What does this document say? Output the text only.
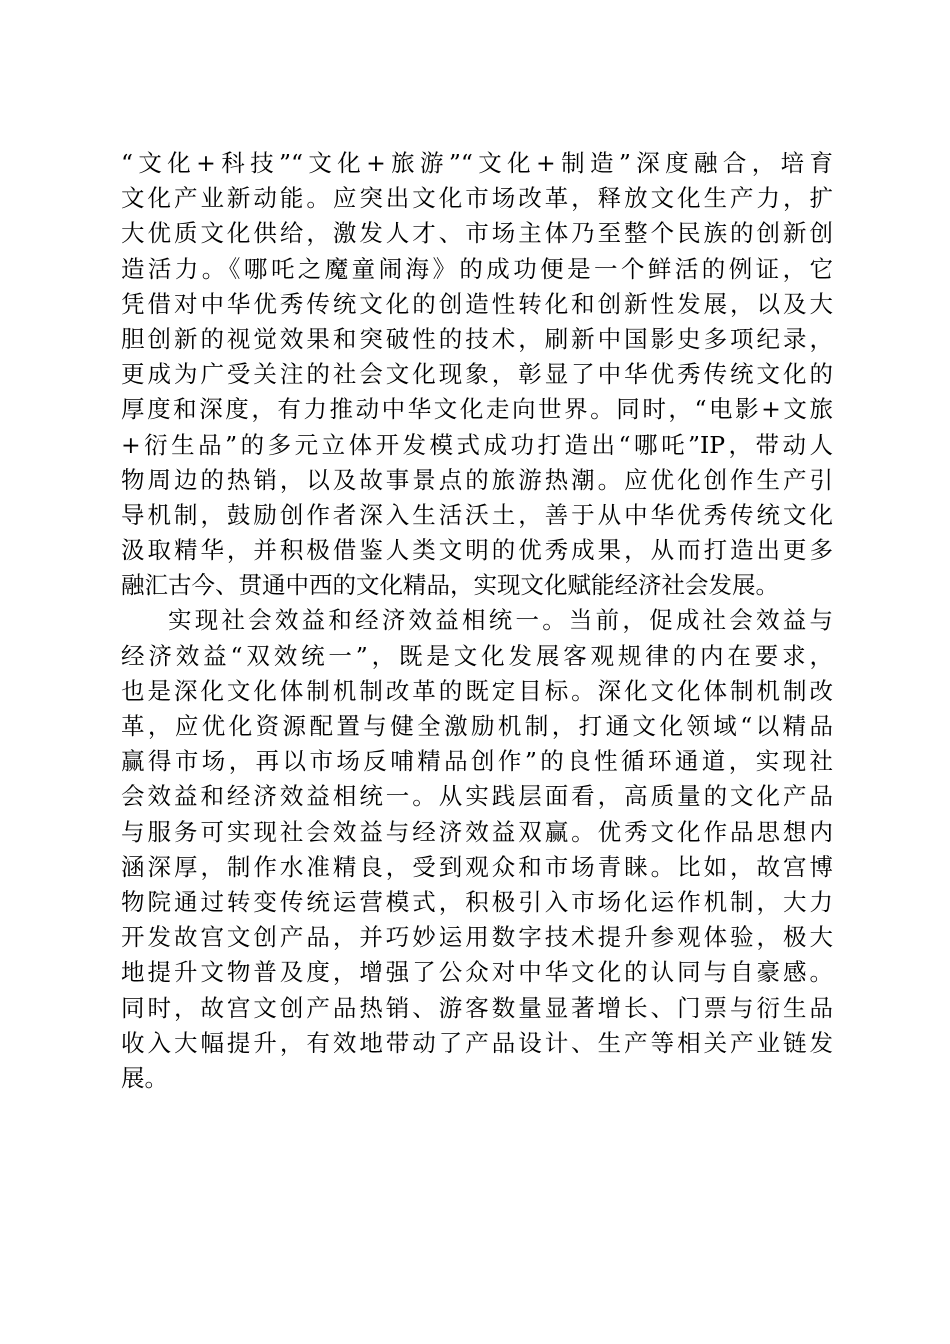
“文化+科技”“文化+旅游”“文化+制造”深度融合，培育
文化产业新动能。应突出文化市场改革，释放文化生产力，扩
大优质文化供给，激发人才、市场主体乃至整个民族的创新创
造活力。《哪吒之魔童闹海》的成功便是一个鲜活的例证，它
凭借对中华优秀传统文化的创造性转化和创新性发展，以及大
胆创新的视觉效果和突破性的技术，刷新中国影史多项纪录，
更成为广受关注的社会文化现象，彰显了中华优秀传统文化的
厚度和深度，有力推动中华文化走向世界。同时，“电影+文旅
+衍生品”的多元立体开发模式成功打造出“哪吒”IP，带动人
物周边的热销，以及故事景点的旅游热潮。应优化创作生产引
导机制，鼓励创作者深入生活沃土，善于从中华优秀传统文化
汲取精华，并积极借鉴人类文明的优秀成果，从而打造出更多
融汇古今、贯通中西的文化精品，实现文化赋能经济社会发展。
实现社会效益和经济效益相统一。当前，促成社会效益与
经济效益“双效统一”，既是文化发展客观规律的内在要求，
也是深化文化体制机制改革的既定目标。深化文化体制机制改
革，应优化资源配置与健全激励机制，打通文化领域“以精品
赢得市场，再以市场反哺精品创作”的良性循环通道，实现社
会效益和经济效益相统一。从实践层面看，高质量的文化产品
与服务可实现社会效益与经济效益双赢。优秀文化作品思想内
涵深厚，制作水准精良，受到观众和市场青睐。比如，故宫博
物院通过转变传统运营模式，积极引入市场化运作机制，大力
开发故宫文创产品，并巧妙运用数字技术提升参观体验，极大
地提升文物普及度，增强了公众对中华文化的认同与自豪感。
同时，故宫文创产品热销、游客数量显著增长、门票与衍生品
收入大幅提升，有效地带动了产品设计、生产等相关产业链发
展。
